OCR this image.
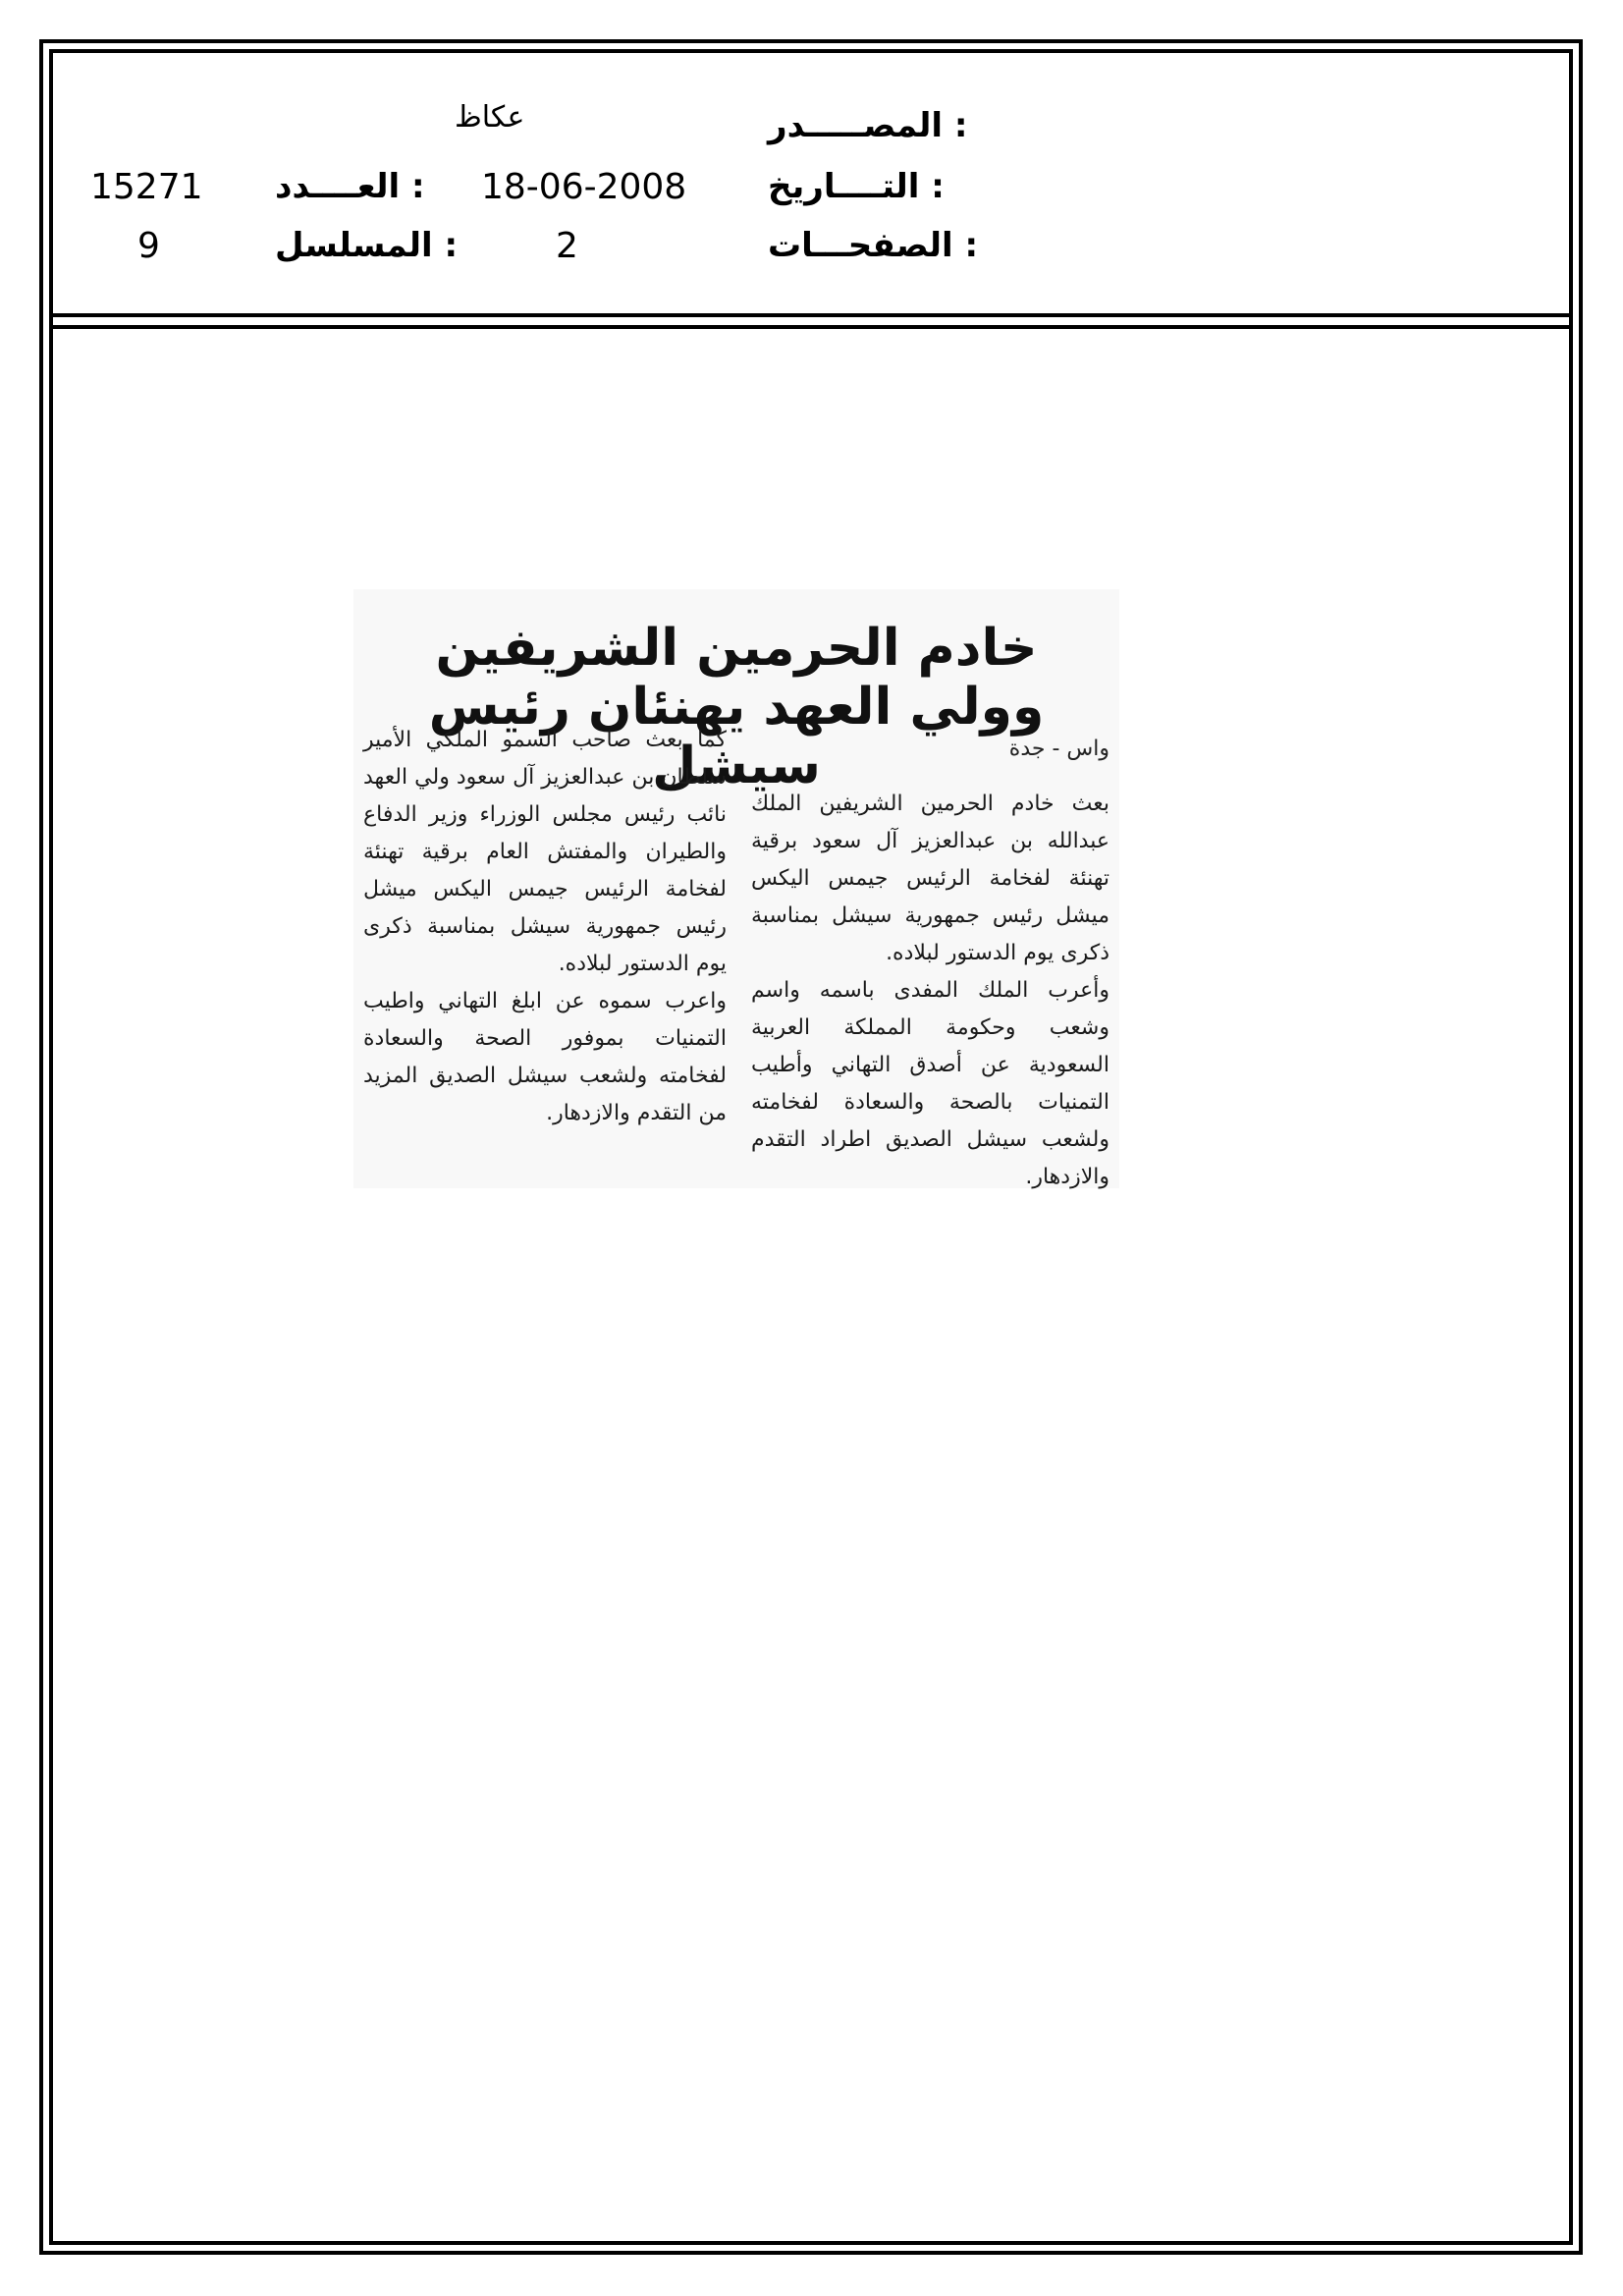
المصـــــدر :
عكاظ
التــــاريخ :
18-06-2008
العــــدد :
15271
الصفحـــات :
2
المسلسل :
9
خادم الحرمين الشريفين وولي العهد يهنئان رئيس سيشل	واس - جدة

بعث خادم الحرمين الشريفين الملك عبدالله بن عبدالعزيز آل سعود برقية تهنئة لفخامة الرئيس جيمس اليكس ميشل رئيس جمهورية سيشل بمناسبة ذكرى يوم الدستور لبلاده.

وأعرب الملك المفدى باسمه واسم وشعب وحكومة المملكة العربية السعودية عن أصدق التهاني وأطيب التمنيات بالصحة والسعادة لفخامته ولشعب سيشل الصديق اطراد التقدم والازدهار.

كما بعث صاحب السمو الملكي الأمير سلطان بن عبدالعزيز آل سعود ولي العهد نائب رئيس مجلس الوزراء وزير الدفاع والطيران والمفتش العام برقية تهنئة لفخامة الرئيس جيمس اليكس ميشل رئيس جمهورية سيشل بمناسبة ذكرى يوم الدستور لبلاده.

واعرب سموه عن ابلغ التهاني واطيب التمنيات بموفور الصحة والسعادة لفخامته ولشعب سيشل الصديق المزيد من التقدم والازدهار.
